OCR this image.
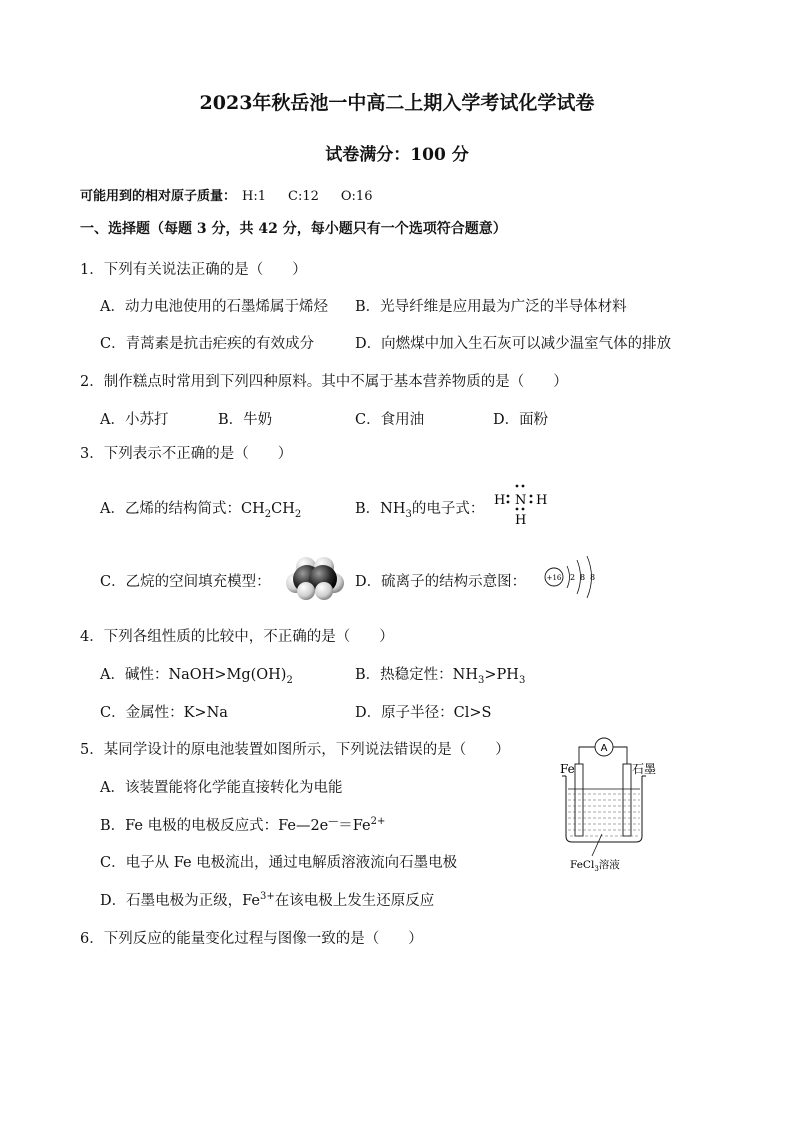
2023年秋岳池一中高二上期入学考试化学试卷
试卷满分：100 分
可能用到的相对原子质量： H:1 C:12 O:16
一、选择题（每题 3 分，共 42 分，每小题只有一个选项符合题意）
1．下列有关说法正确的是（　　）
A．动力电池使用的石墨烯属于烯烃 B．光导纤维是应用最为广泛的半导体材料
C．青蒿素是抗击疟疾的有效成分	D．向燃煤中加入生石灰可以减少温室气体的排放
2．制作糕点时常用到下列四种原料。其中不属于基本营养物质的是（　　）
A．小苏打	B．牛奶	C．食用油	D．面粉
3．下列表示不正确的是（　　）
A．乙烯的结构简式：$CH_2CH_2$	B．$NH_3$的电子式：
H N H
H
C．乙烷的空间填充模型：	D．硫离子的结构示意图：	+16 2 8 8
4．下列各组性质的比较中，不正确的是（　　）
A．碱性：$NaOH>Mg(OH)_2$	B．热稳定性：$NH_3>PH_3$
C．金属性：K>Na	D．原子半径：Cl>S
5．某同学设计的原电池装置如图所示，下列说法错误的是（　　）
A．该装置能将化学能直接转化为电能
B．Fe 电极的电极反应式：$Fe—2e^—=Fe^{2+}$
C．电子从 Fe 电极流出，通过电解质溶液流向石墨电极
D．石墨电极为正级，$Fe^{3+}$在该电极上发生还原反应
A
Fe	石墨
FeCl$_3$溶液
6．下列反应的能量变化过程与图像一致的是（　　）
